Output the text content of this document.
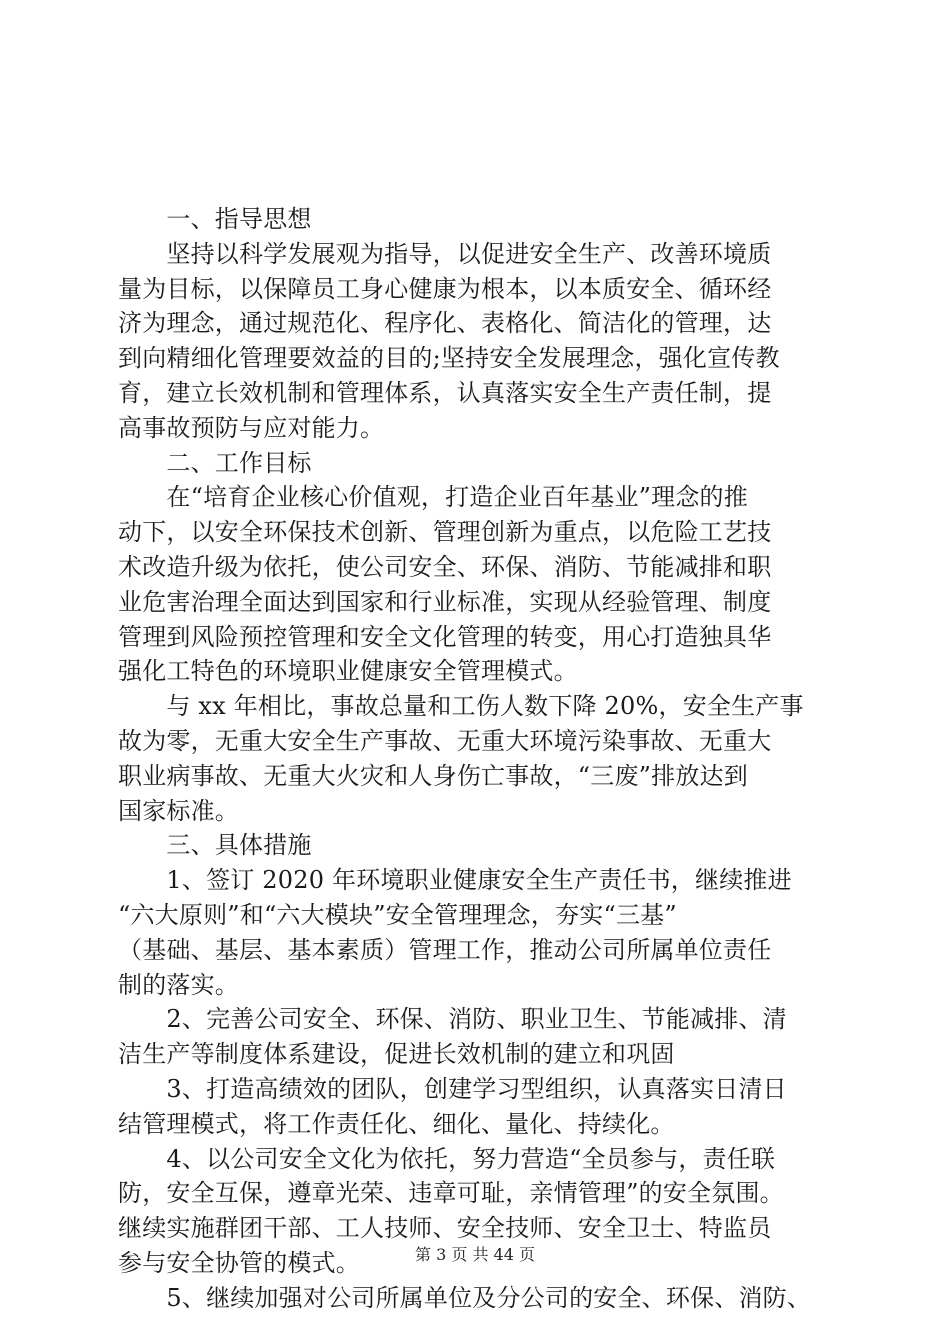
　　一、指导思想
　　坚持以科学发展观为指导，以促进安全生产、改善环境质
量为目标，以保障员工身心健康为根本，以本质安全、循环经
济为理念，通过规范化、程序化、表格化、简洁化的管理，达
到向精细化管理要效益的目的;坚持安全发展理念，强化宣传教
育，建立长效机制和管理体系，认真落实安全生产责任制，提
高事故预防与应对能力。
　　二、工作目标
　　在“培育企业核心价值观，打造企业百年基业”理念的推
动下，以安全环保技术创新、管理创新为重点，以危险工艺技
术改造升级为依托，使公司安全、环保、消防、节能减排和职
业危害治理全面达到国家和行业标准，实现从经验管理、制度
管理到风险预控管理和安全文化管理的转变，用心打造独具华
强化工特色的环境职业健康安全管理模式。
　　与 xx 年相比，事故总量和工伤人数下降 20%，安全生产事
故为零，无重大安全生产事故、无重大环境污染事故、无重大
职业病事故、无重大火灾和人身伤亡事故，“三废”排放达到
国家标准。
　　三、具体措施
　　1、签订 2020 年环境职业健康安全生产责任书，继续推进
“六大原则”和“六大模块”安全管理理念，夯实“三基”
（基础、基层、基本素质）管理工作，推动公司所属单位责任
制的落实。
　　2、完善公司安全、环保、消防、职业卫生、节能减排、清
洁生产等制度体系建设，促进长效机制的建立和巩固
　　3、打造高绩效的团队，创建学习型组织，认真落实日清日
结管理模式，将工作责任化、细化、量化、持续化。
　　4、以公司安全文化为依托，努力营造“全员参与，责任联
防，安全互保，遵章光荣、违章可耻，亲情管理”的安全氛围。
继续实施群团干部、工人技师、安全技师、安全卫士、特监员
参与安全协管的模式。
　　5、继续加强对公司所属单位及分公司的安全、环保、消防、
第 3 页 共 44 页
